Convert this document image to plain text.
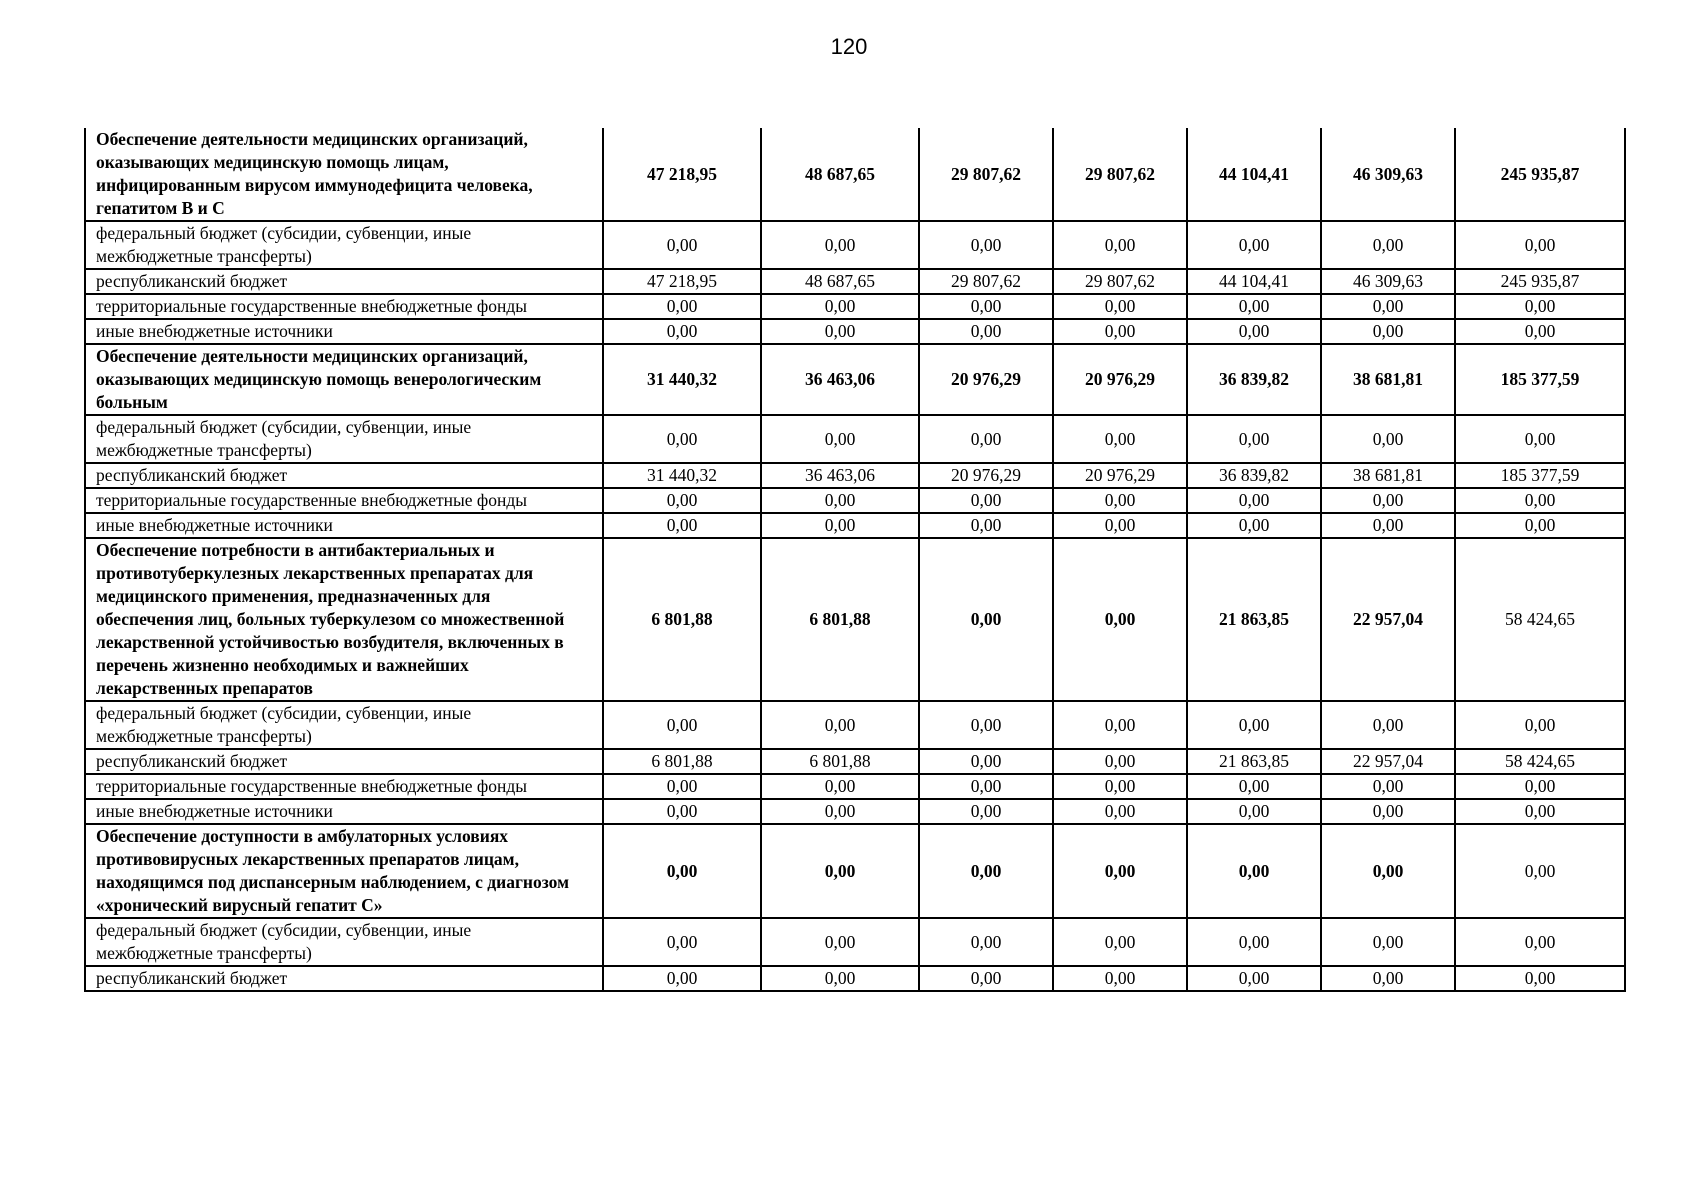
120
Обеспечение деятельности медицинских организаций, оказывающих медицинскую помощь лицам, инфицированным вирусом иммунодефицита человека, гепатитом В и С	47 218,95	48 687,65	29 807,62	29 807,62	44 104,41	46 309,63	245 935,87
федеральный бюджет (субсидии, субвенции, иные межбюджетные трансферты)	0,00	0,00	0,00	0,00	0,00	0,00	0,00
республиканский бюджет	47 218,95	48 687,65	29 807,62	29 807,62	44 104,41	46 309,63	245 935,87
территориальные государственные внебюджетные фонды	0,00	0,00	0,00	0,00	0,00	0,00	0,00
иные внебюджетные источники	0,00	0,00	0,00	0,00	0,00	0,00	0,00
Обеспечение деятельности медицинских организаций, оказывающих медицинскую помощь венерологическим больным	31 440,32	36 463,06	20 976,29	20 976,29	36 839,82	38 681,81	185 377,59
федеральный бюджет (субсидии, субвенции, иные межбюджетные трансферты)	0,00	0,00	0,00	0,00	0,00	0,00	0,00
республиканский бюджет	31 440,32	36 463,06	20 976,29	20 976,29	36 839,82	38 681,81	185 377,59
территориальные государственные внебюджетные фонды	0,00	0,00	0,00	0,00	0,00	0,00	0,00
иные внебюджетные источники	0,00	0,00	0,00	0,00	0,00	0,00	0,00
Обеспечение потребности в антибактериальных и противотуберкулезных лекарственных препаратах для медицинского применения, предназначенных для обеспечения лиц, больных туберкулезом со множественной лекарственной устойчивостью возбудителя, включенных в перечень жизненно необходимых и важнейших лекарственных препаратов	6 801,88	6 801,88	0,00	0,00	21 863,85	22 957,04	58 424,65
федеральный бюджет (субсидии, субвенции, иные межбюджетные трансферты)	0,00	0,00	0,00	0,00	0,00	0,00	0,00
республиканский бюджет	6 801,88	6 801,88	0,00	0,00	21 863,85	22 957,04	58 424,65
территориальные государственные внебюджетные фонды	0,00	0,00	0,00	0,00	0,00	0,00	0,00
иные внебюджетные источники	0,00	0,00	0,00	0,00	0,00	0,00	0,00
Обеспечение доступности в амбулаторных условиях противовирусных лекарственных препаратов лицам, находящимся под диспансерным наблюдением, с диагнозом «хронический вирусный гепатит С»	0,00	0,00	0,00	0,00	0,00	0,00	0,00
федеральный бюджет (субсидии, субвенции, иные межбюджетные трансферты)	0,00	0,00	0,00	0,00	0,00	0,00	0,00
республиканский бюджет	0,00	0,00	0,00	0,00	0,00	0,00	0,00
